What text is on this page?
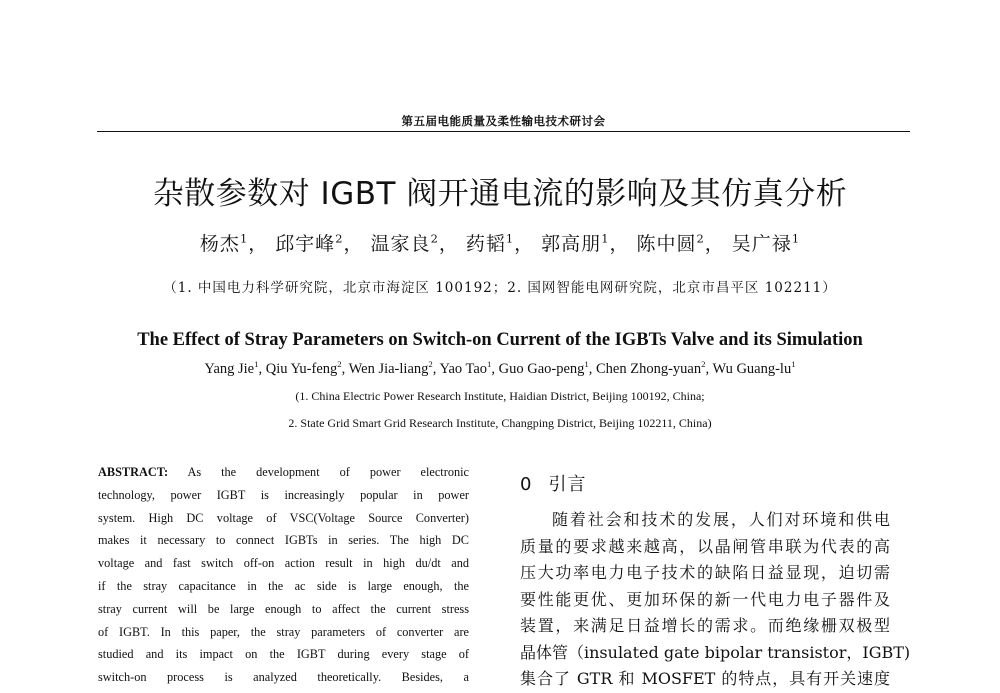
第五届电能质量及柔性输电技术研讨会
杂散参数对 IGBT 阀开通电流的影响及其仿真分析
杨杰$^1$， 邱宇峰$^2$， 温家良$^2$， 药韬$^1$， 郭高朋$^1$， 陈中圆$^2$， 吴广禄$^1$
（1. 中国电力科学研究院，北京市海淀区 100192；2. 国网智能电网研究院，北京市昌平区 102211）
The Effect of Stray Parameters on Switch-on Current of the IGBTs Valve and its Simulation
Yang Jie$^1$, Qiu Yu-feng$^2$, Wen Jia-liang$^2$, Yao Tao$^1$, Guo Gao-peng$^1$, Chen Zhong-yuan$^2$, Wu Guang-$lu^1$
(1. China Electric Power Research Institute, Haidian District, Beijing 100192, China;
2. State Grid Smart Grid Research Institute, Changping District, Beijing 102211, China)
ABSTRACT: As the development of power electronic
technology, power IGBT is increasingly popular in power
system. High DC voltage of VSC(Voltage Source Converter)
makes it necessary to connect IGBTs in series. The high DC
voltage and fast switch off-on action result in high du/dt and
if the stray capacitance in the ac side is large enough, the
stray current will be large enough to affect the current stress
of IGBT. In this paper, the stray parameters of converter are
studied and its impact on the IGBT during every stage of
switch-on process is analyzed theoretically. Besides, a
0 引言
随着社会和技术的发展，人们对环境和供电
质量的要求越来越高，以晶闸管串联为代表的高
压大功率电力电子技术的缺陷日益显现，迫切需
要性能更优、更加环保的新一代电力电子器件及
装置，来满足日益增长的需求。而绝缘栅双极型
晶体管（insulated gate bipolar transistor，IGBT)
集合了 GTR 和 MOSFET 的特点，具有开关速度
